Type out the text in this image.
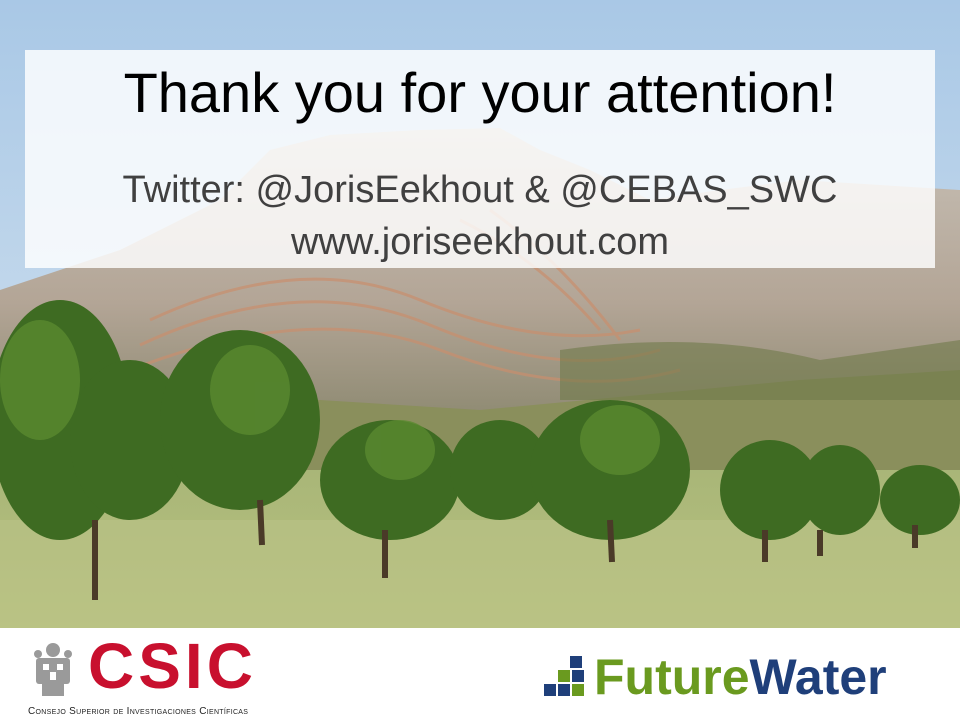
Thank you for your attention!
Twitter: @JorisEekhout & @CEBAS_SWC
www.joriseekhout.com
CSIC
Consejo Superior de Investigaciones Científicas
FutureWater
